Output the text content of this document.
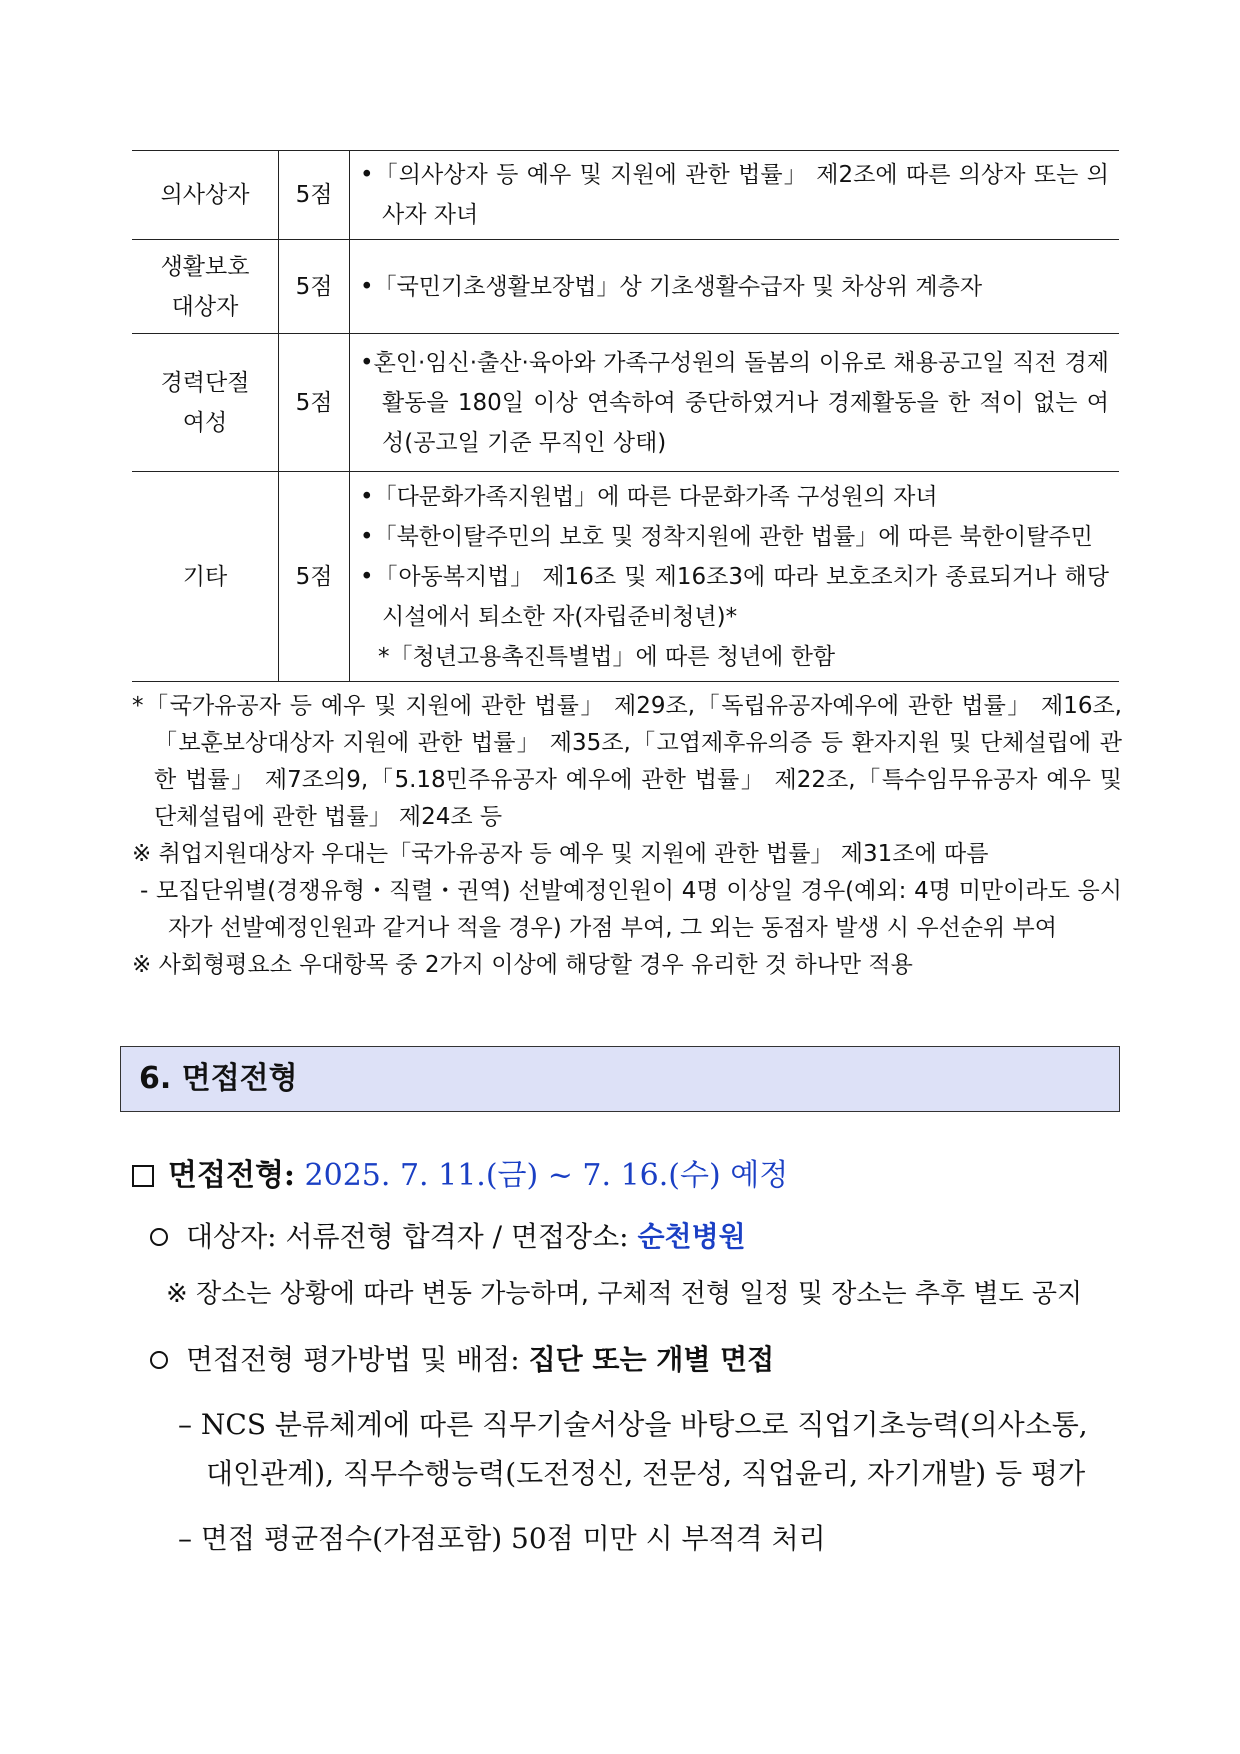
의사상자	5점	•「의사상자 등 예우 및 지원에 관한 법률」 제2조에 따른 의상자 또는 의사자 자녀

생활보호
대상자	5점	•「국민기초생활보장법」상 기초생활수급자 및 차상위 계층자

경력단절
여성	5점	•혼인·임신·출산·육아와 가족구성원의 돌봄의 이유로 채용공고일 직전 경제활동을 180일 이상 연속하여 중단하였거나 경제활동을 한 적이 없는 여성(공고일 기준 무직인 상태)

기타	5점	•「다문화가족지원법」에 따른 다문화가족 구성원의 자녀
•「북한이탈주민의 보호 및 정착지원에 관한 법률」에 따른 북한이탈주민
•「아동복지법」 제16조 및 제16조3에 따라 보호조치가 종료되거나 해당 시설에서 퇴소한 자(자립준비청년)*
*「청년고용촉진특별법」에 따른 청년에 한함
*「국가유공자 등 예우 및 지원에 관한 법률」 제29조,「독립유공자예우에 관한 법률」 제16조,「보훈보상대상자 지원에 관한 법률」 제35조,「고엽제후유의증 등 환자지원 및 단체설립에 관한 법률」 제7조의9,「5.18민주유공자 예우에 관한 법률」 제22조,「특수임무유공자 예우 및 단체설립에 관한 법률」 제24조 등
※ 취업지원대상자 우대는「국가유공자 등 예우 및 지원에 관한 법률」 제31조에 따름
- 모집단위별(경쟁유형・직렬・권역) 선발예정인원이 4명 이상일 경우(예외: 4명 미만이라도 응시자가 선발예정인원과 같거나 적을 경우) 가점 부여, 그 외는 동점자 발생 시 우선순위 부여
※ 사회형평요소 우대항목 중 2가지 이상에 해당할 경우 유리한 것 하나만 적용
6. 면접전형
면접전형: 2025. 7. 11.(금) ~ 7. 16.(수) 예정
대상자: 서류전형 합격자 / 면접장소: 순천병원
※ 장소는 상황에 따라 변동 가능하며, 구체적 전형 일정 및 장소는 추후 별도 공지
면접전형 평가방법 및 배점: 집단 또는 개별 면접
– NCS 분류체계에 따른 직무기술서상을 바탕으로 직업기초능력(의사소통,
대인관계), 직무수행능력(도전정신, 전문성, 직업윤리, 자기개발) 등 평가
– 면접 평균점수(가점포함) 50점 미만 시 부적격 처리
